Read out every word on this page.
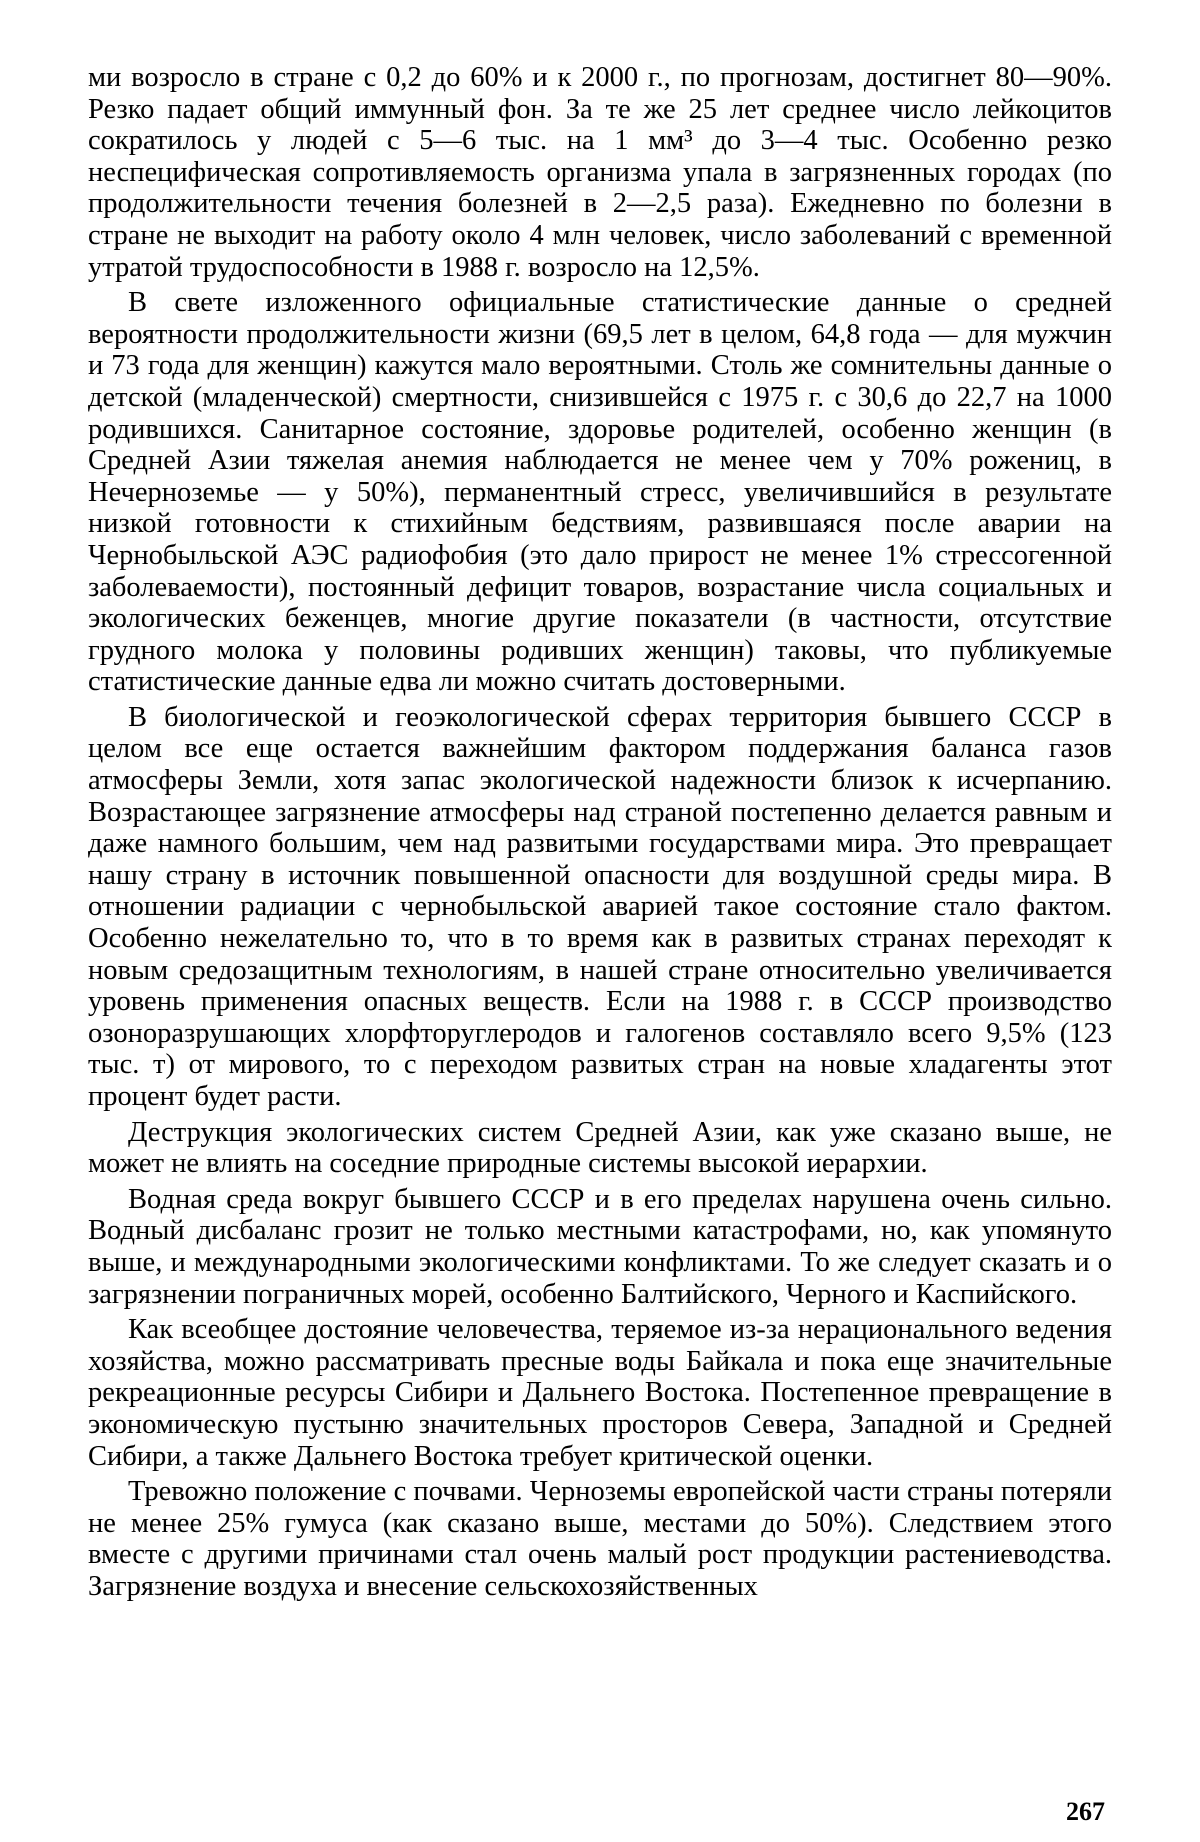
ми возросло в стране с 0,2 до 60% и к 2000 г., по прогнозам, достигнет 80—90%. Резко падает общий иммунный фон. За те же 25 лет среднее число лейкоцитов сократилось у людей с 5—6 тыс. на 1 мм³ до 3—4 тыс. Особенно резко неспецифическая сопротивляемость организма упала в загрязненных городах (по продолжительности течения болезней в 2—2,5 раза). Ежедневно по болезни в стране не выходит на работу около 4 млн человек, число заболеваний с временной утратой трудоспособности в 1988 г. возросло на 12,5%.

В свете изложенного официальные статистические данные о средней вероятности продолжительности жизни (69,5 лет в целом, 64,8 года — для мужчин и 73 года для женщин) кажутся мало вероятными. Столь же сомнительны данные о детской (младенческой) смертности, снизившейся с 1975 г. с 30,6 до 22,7 на 1000 родившихся. Санитарное состояние, здоровье родителей, особенно женщин (в Средней Азии тяжелая анемия наблюдается не менее чем у 70% рожениц, в Нечерноземье — у 50%), перманентный стресс, увеличившийся в результате низкой готовности к стихийным бедствиям, развившаяся после аварии на Чернобыльской АЭС радиофобия (это дало прирост не менее 1% стрессогенной заболеваемости), постоянный дефицит товаров, возрастание числа социальных и экологических беженцев, многие другие показатели (в частности, отсутствие грудного молока у половины родивших женщин) таковы, что публикуемые статистические данные едва ли можно считать достоверными.

В биологической и геоэкологической сферах территория бывшего СССР в целом все еще остается важнейшим фактором поддержания баланса газов атмосферы Земли, хотя запас экологической надежности близок к исчерпанию. Возрастающее загрязнение атмосферы над страной постепенно делается равным и даже намного большим, чем над развитыми государствами мира. Это превращает нашу страну в источник повышенной опасности для воздушной среды мира. В отношении радиации с чернобыльской аварией такое состояние стало фактом. Особенно нежелательно то, что в то время как в развитых странах переходят к новым средозащитным технологиям, в нашей стране относительно увеличивается уровень применения опасных веществ. Если на 1988 г. в СССР производство озоноразрушающих хлорфторуглеродов и галогенов составляло всего 9,5% (123 тыс. т) от мирового, то с переходом развитых стран на новые хладагенты этот процент будет расти.

Деструкция экологических систем Средней Азии, как уже сказано выше, не может не влиять на соседние природные системы высокой иерархии.

Водная среда вокруг бывшего СССР и в его пределах нарушена очень сильно. Водный дисбаланс грозит не только местными катастрофами, но, как упомянуто выше, и международными экологическими конфликтами. То же следует сказать и о загрязнении пограничных морей, особенно Балтийского, Черного и Каспийского.

Как всеобщее достояние человечества, теряемое из-за нерационального ведения хозяйства, можно рассматривать пресные воды Байкала и пока еще значительные рекреационные ресурсы Сибири и Дальнего Востока. Постепенное превращение в экономическую пустыню значительных просторов Севера, Западной и Средней Сибири, а также Дальнего Востока требует критической оценки.

Тревожно положение с почвами. Черноземы европейской части страны потеряли не менее 25% гумуса (как сказано выше, местами до 50%). Следствием этого вместе с другими причинами стал очень малый рост продукции растениеводства. Загрязнение воздуха и внесение сельскохозяйственных

267
